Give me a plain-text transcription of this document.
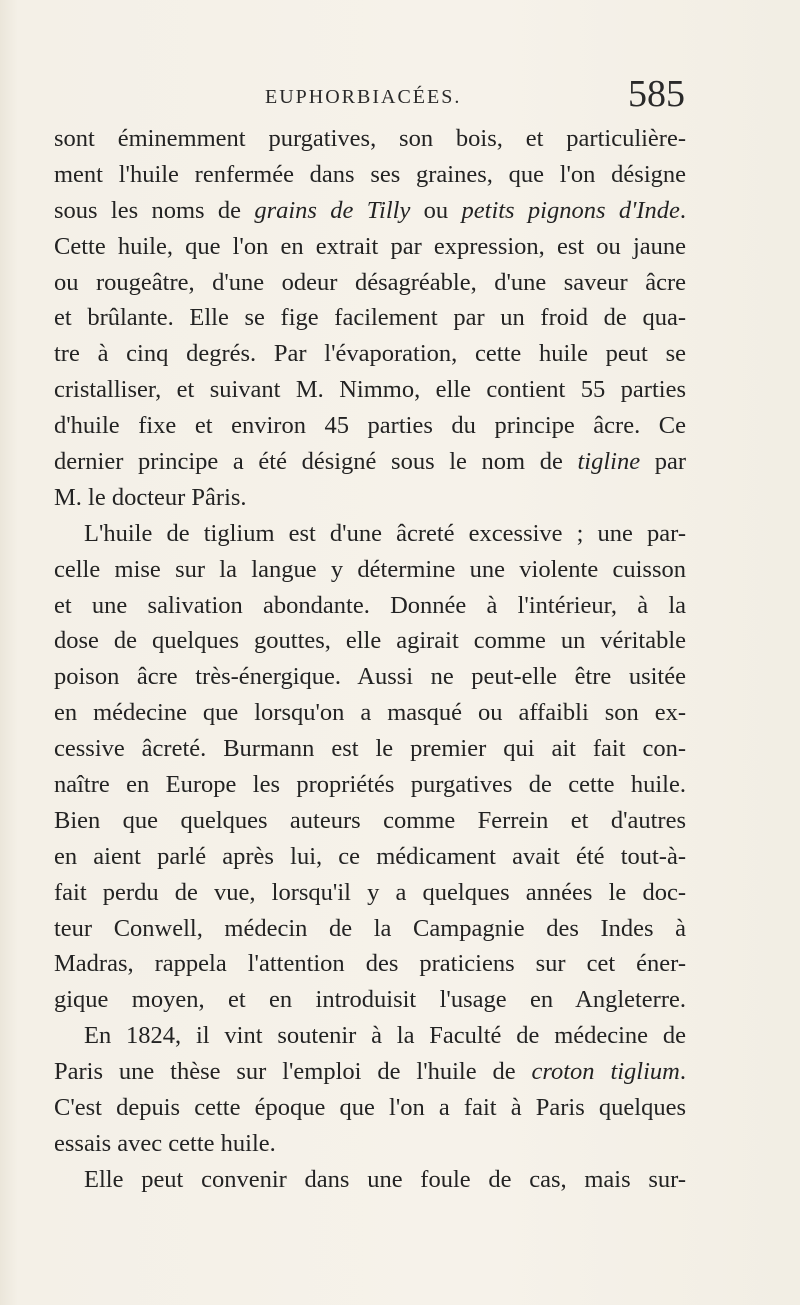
EUPHORBIACÉES.	585
sont éminemment purgatives, son bois, et particulière-
ment l'huile renfermée dans ses graines, que l'on désigne
sous les noms de grains de Tilly ou petits pignons d'Inde.
Cette huile, que l'on en extrait par expression, est ou jaune
ou rougeâtre, d'une odeur désagréable, d'une saveur âcre
et brûlante. Elle se fige facilement par un froid de qua-
tre à cinq degrés. Par l'évaporation, cette huile peut se
cristalliser, et suivant M. Nimmo, elle contient 55 parties
d'huile fixe et environ 45 parties du principe âcre. Ce
dernier principe a été désigné sous le nom de tigline par
M. le docteur Pâris.
L'huile de tiglium est d'une âcreté excessive ; une par-
celle mise sur la langue y détermine une violente cuisson
et une salivation abondante. Donnée à l'intérieur, à la
dose de quelques gouttes, elle agirait comme un véritable
poison âcre très-énergique. Aussi ne peut-elle être usitée
en médecine que lorsqu'on a masqué ou affaibli son ex-
cessive âcreté. Burmann est le premier qui ait fait con-
naître en Europe les propriétés purgatives de cette huile.
Bien que quelques auteurs comme Ferrein et d'autres
en aient parlé après lui, ce médicament avait été tout-à-
fait perdu de vue, lorsqu'il y a quelques années le doc-
teur Conwell, médecin de la Campagnie des Indes à
Madras, rappela l'attention des praticiens sur cet éner-
gique moyen, et en introduisit l'usage en Angleterre.
En 1824, il vint soutenir à la Faculté de médecine de
Paris une thèse sur l'emploi de l'huile de croton tiglium.
C'est depuis cette époque que l'on a fait à Paris quelques
essais avec cette huile.
Elle peut convenir dans une foule de cas, mais sur-
